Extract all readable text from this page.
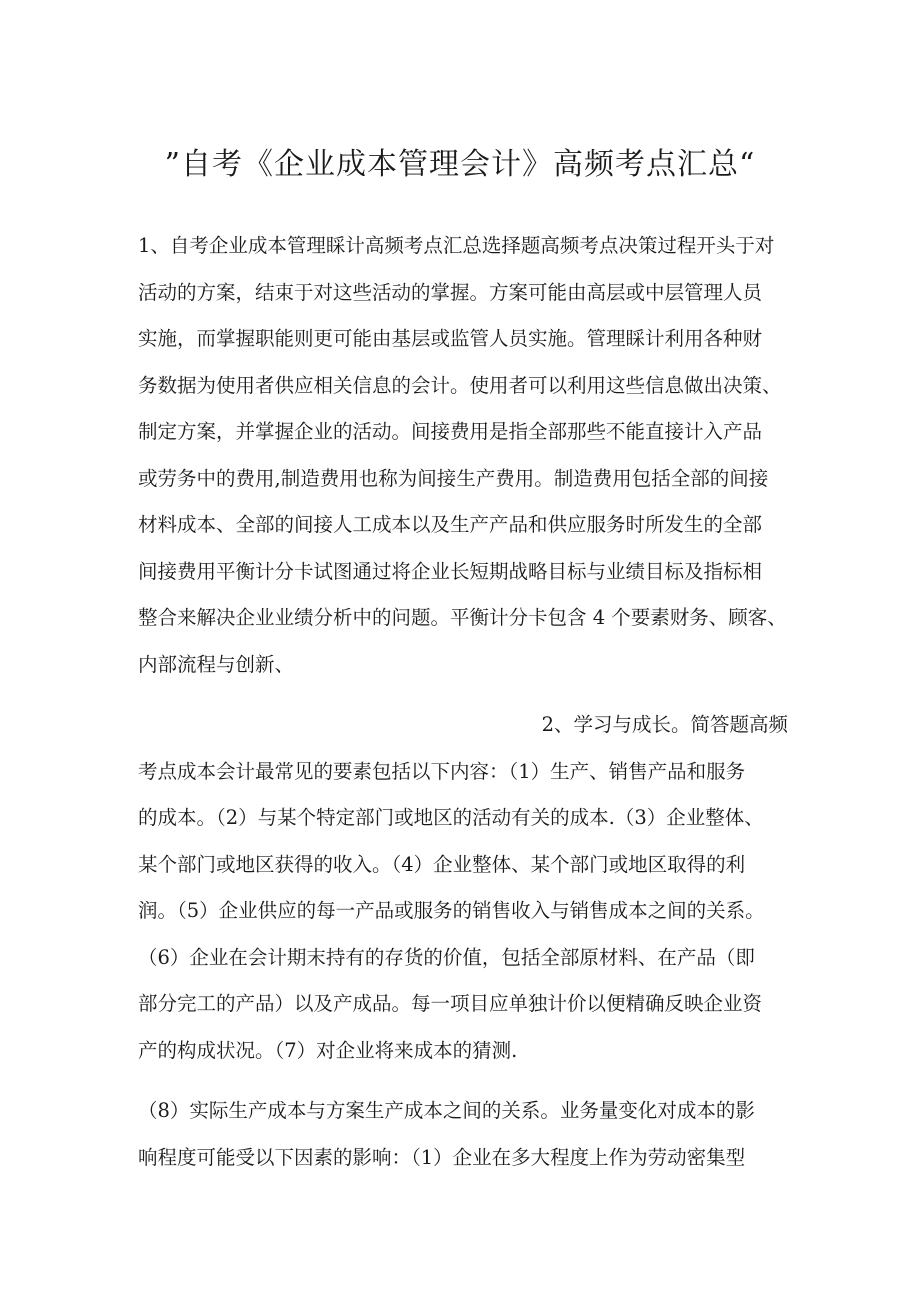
”自考《企业成本管理会计》高频考点汇总“

1、自考企业成本管理睬计高频考点汇总选择题高频考点决策过程开头于对

活动的方案，结束于对这些活动的掌握。方案可能由高层或中层管理人员

实施，而掌握职能则更可能由基层或监管人员实施。管理睬计利用各种财

务数据为使用者供应相关信息的会计。使用者可以利用这些信息做出决策、

制定方案，并掌握企业的活动。间接费用是指全部那些不能直接计入产品

或劳务中的费用,制造费用也称为间接生产费用。制造费用包括全部的间接

材料成本、全部的间接人工成本以及生产产品和供应服务时所发生的全部

间接费用平衡计分卡试图通过将企业长短期战略目标与业绩目标及指标相

整合来解决企业业绩分析中的问题。平衡计分卡包含 4 个要素财务、顾客、

内部流程与创新、

2、学习与成长。简答题高频

考点成本会计最常见的要素包括以下内容：（1）生产、销售产品和服务

的成本。（2）与某个特定部门或地区的活动有关的成本.（3）企业整体、

某个部门或地区获得的收入。（4）企业整体、某个部门或地区取得的利

润。（5）企业供应的每一产品或服务的销售收入与销售成本之间的关系。

（6）企业在会计期末持有的存货的价值，包括全部原材料、在产品（即

部分完工的产品）以及产成品。每一项目应单独计价以便精确反映企业资

产的构成状况。（7）对企业将来成本的猜测.

（8）实际生产成本与方案生产成本之间的关系。业务量变化对成本的影

响程度可能受以下因素的影响：（1）企业在多大程度上作为劳动密集型
